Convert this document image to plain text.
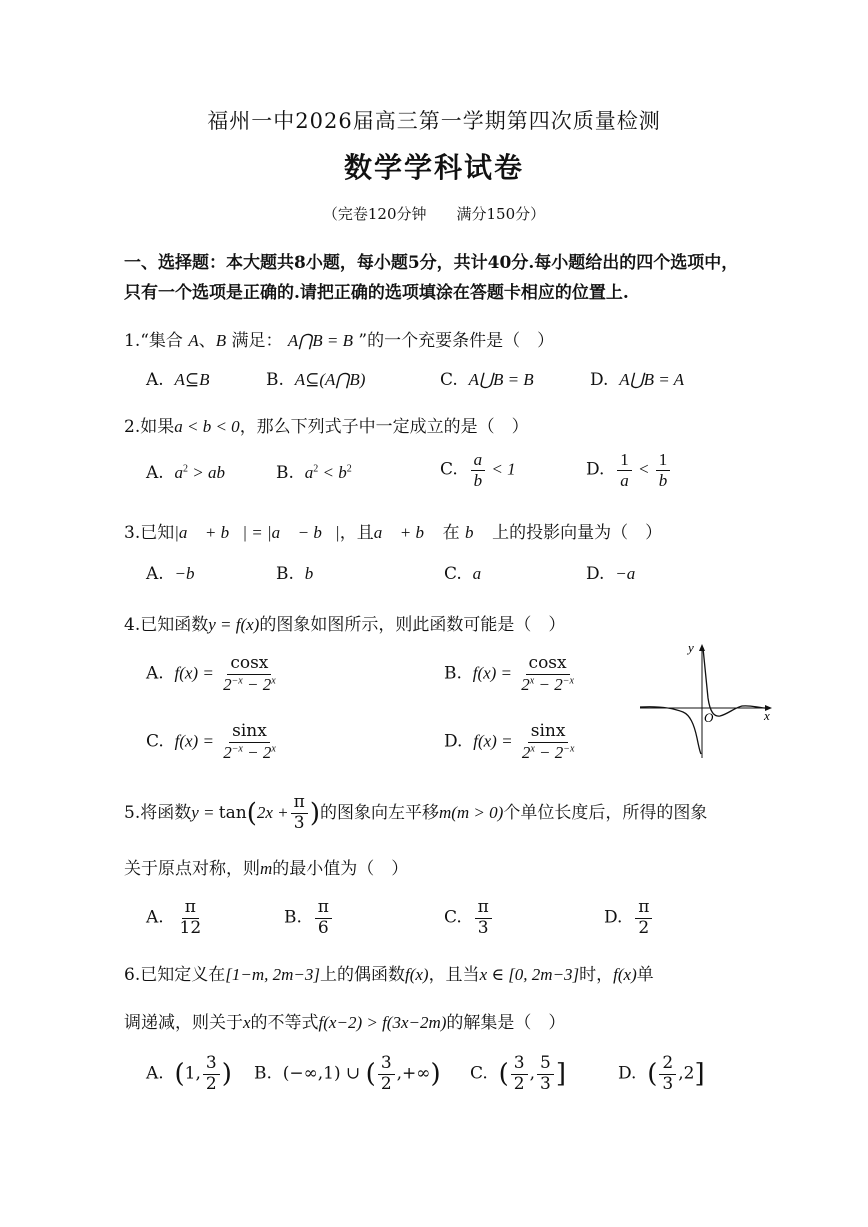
福州一中2026届高三第一学期第四次质量检测
数学学科试卷
（完卷120分钟　　满分150分）
一、选择题：本大题共8小题，每小题5分，共计40分.每小题给出的四个选项中，
只有一个选项是正确的.请把正确的选项填涂在答题卡相应的位置上.
1.“集合 A、B 满足： A⋂B = B ”的一个充要条件是（　）
A. A⊆B	B. A⊆(A⋂B)	C. A⋃B = B	D. A⋃B = A
2.如果a < b < 0，那么下列式子中一定成立的是（　）
A. $a^2$ > ab	B. $a^2 < b^2$	C. $\frac{a}{b} < 1$	D. $\frac{1}{a} < \frac{1}{b}$
3.已知|a⃗ + b⃗| = |a⃗ − b⃗|，且a⃗ + b⃗ 在 b⃗ 上的投影向量为（　）
A. −b⃗	B. b⃗	C. a⃗	D. −a⃗
4.已知函数y = f(x)的图象如图所示，则此函数可能是（　）
A. $f(x) = \frac{\cos x}{2^{-x} - 2^x}$	B. $f(x) = \frac{\cos x}{2^x - 2^{-x}}$
C. $f(x) = \frac{\sin x}{2^{-x} - 2^x}$	D. $f(x) = \frac{\sin x}{2^x - 2^{-x}}$
y
x
O
5.将函数$y = \tan(2x + \frac{\pi}{3}$ )的图象向左平移m(m > 0)个单位长度后，所得的图象
关于原点对称，则m的最小值为（　）
A. $\frac{\pi}{12}$	B. $\frac{\pi}{6}$	C. $\frac{\pi}{3}$	D. $\frac{\pi}{2}$
6.已知定义在[1−m, 2m−3]上的偶函数f(x)，且当x ∈ [0, 2m−3]时，f(x)单
调递减，则关于x的不等式f(x−2) > f(3x−2m)的解集是（　）
A. (1, $\frac{3}{2}$ ) B. (−∞,1) ∪ ( $\frac{3}{2}$ ,+∞) C. ( $\frac{3}{2}$ , $\frac{5}{3}$ ]	D. ( $\frac{2}{3} ,2$]
